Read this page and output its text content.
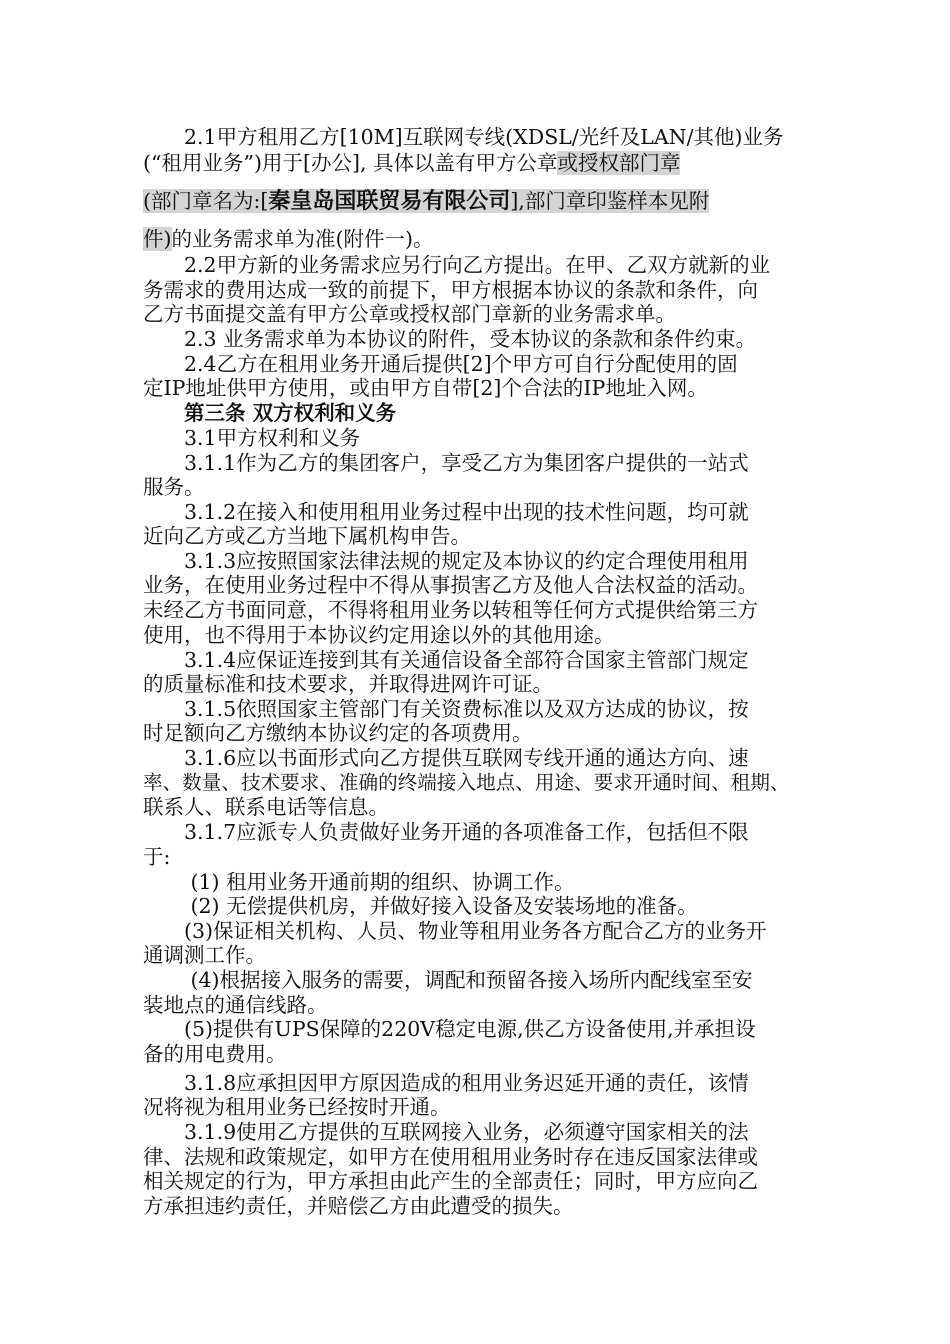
　　2.1甲方租用乙方[10M]互联网专线(XDSL/光纤及LAN/其他)业务
(“租用业务”)用于[办公], 具体以盖有甲方公章或授权部门章
(部门章名为:[秦皇岛国联贸易有限公司],部门章印鉴样本见附
件)的业务需求单为准(附件一)。
　　2.2甲方新的业务需求应另行向乙方提出。在甲、乙双方就新的业
务需求的费用达成一致的前提下，甲方根据本协议的条款和条件，向
乙方书面提交盖有甲方公章或授权部门章新的业务需求单。
　　2.3 业务需求单为本协议的附件，受本协议的条款和条件约束。
　　2.4乙方在租用业务开通后提供[2]个甲方可自行分配使用的固
定IP地址供甲方使用，或由甲方自带[2]个合法的IP地址入网。
　　第三条 双方权利和义务
　　3.1甲方权利和义务
　　3.1.1作为乙方的集团客户，享受乙方为集团客户提供的一站式
服务。
　　3.1.2在接入和使用租用业务过程中出现的技术性问题，均可就
近向乙方或乙方当地下属机构申告。
　　3.1.3应按照国家法律法规的规定及本协议的约定合理使用租用
业务，在使用业务过程中不得从事损害乙方及他人合法权益的活动。
未经乙方书面同意，不得将租用业务以转租等任何方式提供给第三方
使用，也不得用于本协议约定用途以外的其他用途。
　　3.1.4应保证连接到其有关通信设备全部符合国家主管部门规定
的质量标准和技术要求，并取得进网许可证。
　　3.1.5依照国家主管部门有关资费标准以及双方达成的协议，按
时足额向乙方缴纳本协议约定的各项费用。
　　3.1.6应以书面形式向乙方提供互联网专线开通的通达方向、速
率、数量、技术要求、准确的终端接入地点、用途、要求开通时间、租期、
联系人、联系电话等信息。
　　3.1.7应派专人负责做好业务开通的各项准备工作，包括但不限
于:
　　 (1) 租用业务开通前期的组织、协调工作。
　　 (2) 无偿提供机房，并做好接入设备及安装场地的准备。
　　(3)保证相关机构、人员、物业等租用业务各方配合乙方的业务开
通调测工作。
　　 (4)根据接入服务的需要，调配和预留各接入场所内配线室至安
装地点的通信线路。
　　(5)提供有UPS保障的220V稳定电源,供乙方设备使用,并承担设
备的用电费用。
　　3.1.8应承担因甲方原因造成的租用业务迟延开通的责任，该情
况将视为租用业务已经按时开通。
　　3.1.9使用乙方提供的互联网接入业务，必须遵守国家相关的法
律、法规和政策规定，如甲方在使用租用业务时存在违反国家法律或
相关规定的行为，甲方承担由此产生的全部责任；同时，甲方应向乙
方承担违约责任，并赔偿乙方由此遭受的损失。
